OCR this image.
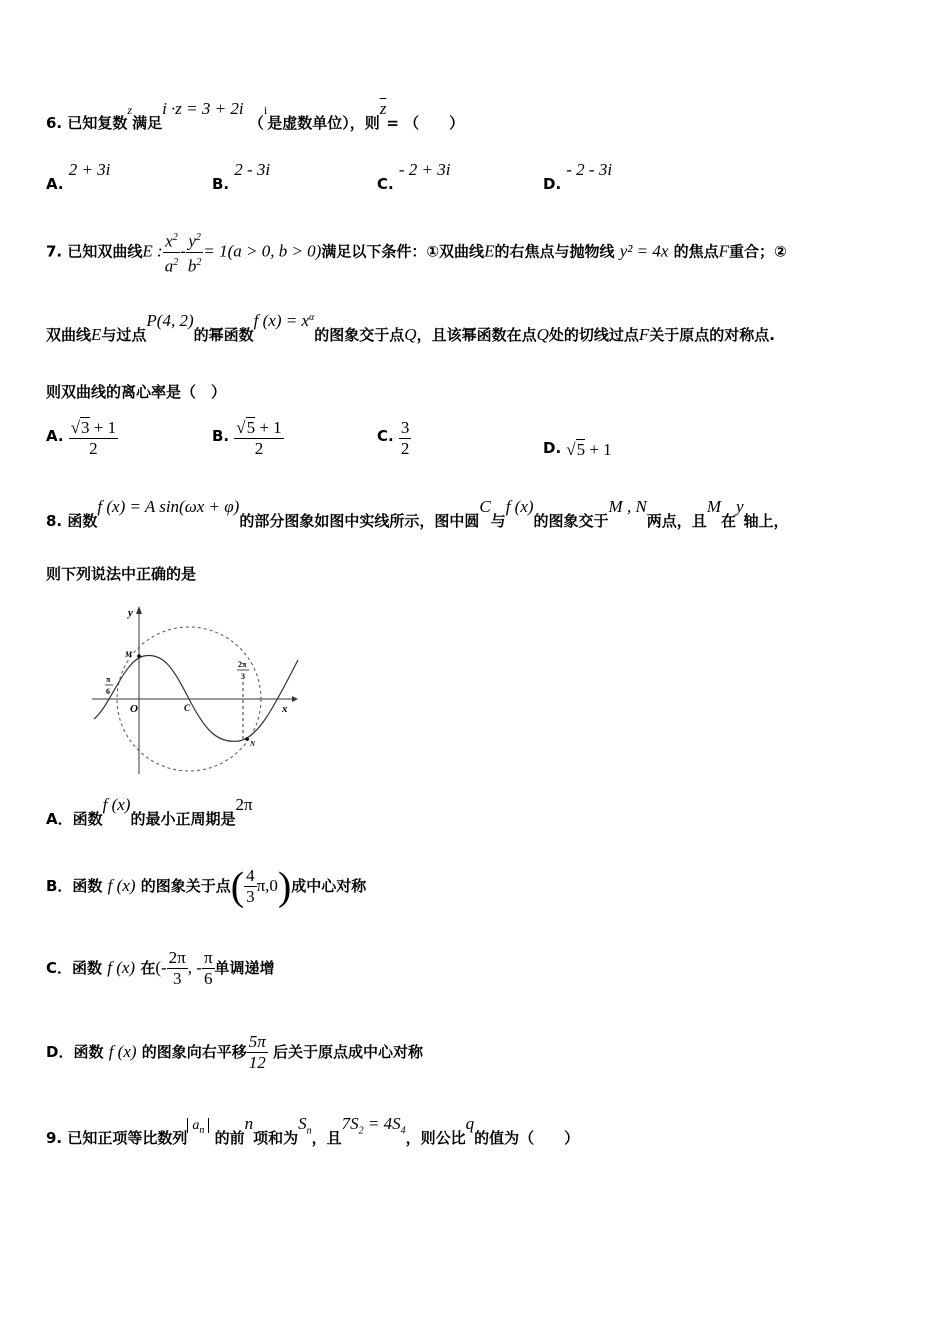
6. 已知复数$^z$满足i ·z = 3 + 2i （$^i$是虚数单位），则$\overline{z}=$ （　　）
A. 2 + 3i
B. 2 - 3i
C. - 2 + 3i
D. - 2 - 3i
7. 已知双曲线E : $\frac{x^2}{a^2} - \frac{y^2}{b^2} = 1(a > 0$, b > 0)满足以下条件：①双曲线E的右焦点与抛物线 y² = 4x 的焦点F重合；②
双曲线E与过点P(4, 2)的幂函数f $(x) = x^\alpha$的图象交于点Q，且该幂函数在点Q处的切线过点F关于原点的对称点.
则双曲线的离心率是（　）
A. $\frac{√3 + 1}{2}$	B. $\frac{√5 + 1}{2}$	C. $\frac{3}{2}$	D. √5 + 1
8. 函数f (x) = A sin(ωx + φ)的部分图象如图中实线所示，图中圆C与f (x)的图象交于M , N两点，且M在y轴上，
则下列说法中正确的是
y
x
O	C
M
N
π
6
2π
3
A．函数f (x)的最小正周期是2π
B．函数 f (x) 的图象关于点( $\frac{4}{3} \pi,0$)成中心对称
C．函数 f (x) 在(- $\frac{2\pi}{3}$ , - $\frac{\pi}{6}$ 单调递增
D．函数 f (x) 的图象向右平移 $\frac{5\pi}{12}$ 后关于原点成中心对称
9. 已知正项等比数列$a_n$ 的前n项和为$S_n$，且$7S_2 = 4S_4$，则公比q的值为（　　）
